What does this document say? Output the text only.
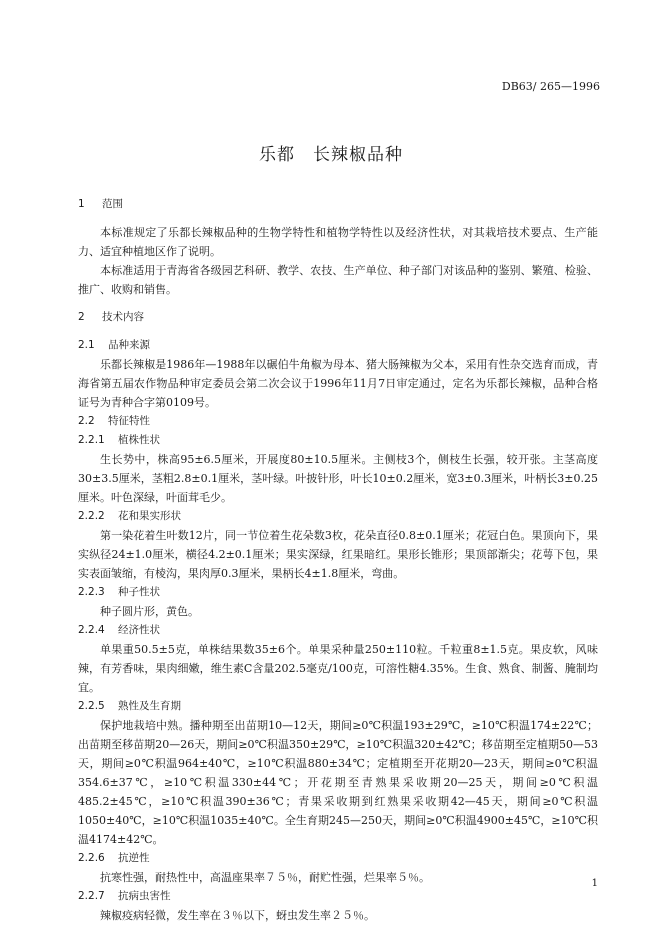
DB63/ 265—1996
乐都　长辣椒品种
1 范围
本标准规定了乐都长辣椒品种的生物学特性和植物学特性以及经济性状，对其栽培技术要点、生产能力、适宜种植地区作了说明。
本标准适用于青海省各级园艺科研、教学、农技、生产单位、种子部门对该品种的鉴别、繁殖、检验、推广、收购和销售。
2 技术内容
2.1 品种来源
乐都长辣椒是1986年—1988年以碾伯牛角椒为母本、猪大肠辣椒为父本，采用有性杂交选育而成，青海省第五届农作物品种审定委员会第二次会议于1996年11月7日审定通过，定名为乐都长辣椒，品种合格证号为青种合字第0109号。
2.2 特征特性
2.2.1 植株性状
生长势中，株高95±6.5厘米，开展度80±10.5厘米。主侧枝3个，侧枝生长强，较开张。主茎高度30±3.5厘米，茎粗2.8±0.1厘米，茎叶绿。叶披针形，叶长10±0.2厘米，宽3±0.3厘米，叶柄长3±0.25厘米。叶色深绿，叶面茸毛少。
2.2.2 花和果实形状
第一染花着生叶数12片，同一节位着生花朵数3枚，花朵直径0.8±0.1厘米；花冠白色。果顶向下，果实纵径24±1.0厘米，横径4.2±0.1厘米；果实深绿，红果暗红。果形长锥形；果顶部渐尖；花萼下包，果实表面皱缩，有棱沟，果肉厚0.3厘米，果柄长4±1.8厘米，弯曲。
2.2.3 种子性状
种子圆片形，黄色。
2.2.4 经济性状
单果重50.5±5克，单株结果数35±6个。单果采种量250±110粒。千粒重8±1.5克。果皮软，风味辣，有芳香味，果肉细嫩，维生素C含量202.5毫克/100克，可溶性糖4.35%。生食、熟食、制酱、腌制均宜。
2.2.5 熟性及生育期
保护地栽培中熟。播种期至出苗期10—12天，期间≥0℃积温193±29℃，≥10℃积温174±22℃；出苗期至移苗期20—26天，期间≥0℃积温350±29℃，≥10℃积温320±42℃；移苗期至定植期50—53天，期间≥0℃积温964±40℃，≥10℃积温880±34℃；定植期至开花期20—23天，期间≥0℃积温354.6±37℃，≥10℃积温330±44℃；开花期至青熟果采收期20—25天，期间≥0℃积温485.2±45℃，≥10℃积温390±36℃；青果采收期到红熟果采收期42—45天，期间≥0℃积温1050±40℃，≥10℃积温1035±40℃。全生育期245—250天，期间≥0℃积温4900±45℃，≥10℃积温4174±42℃。
2.2.6 抗逆性
抗寒性强，耐热性中，高温座果率７５％，耐贮性强，烂果率５％。
2.2.7 抗病虫害性
辣椒疫病轻微，发生率在３％以下，蚜虫发生率２５％。
1
